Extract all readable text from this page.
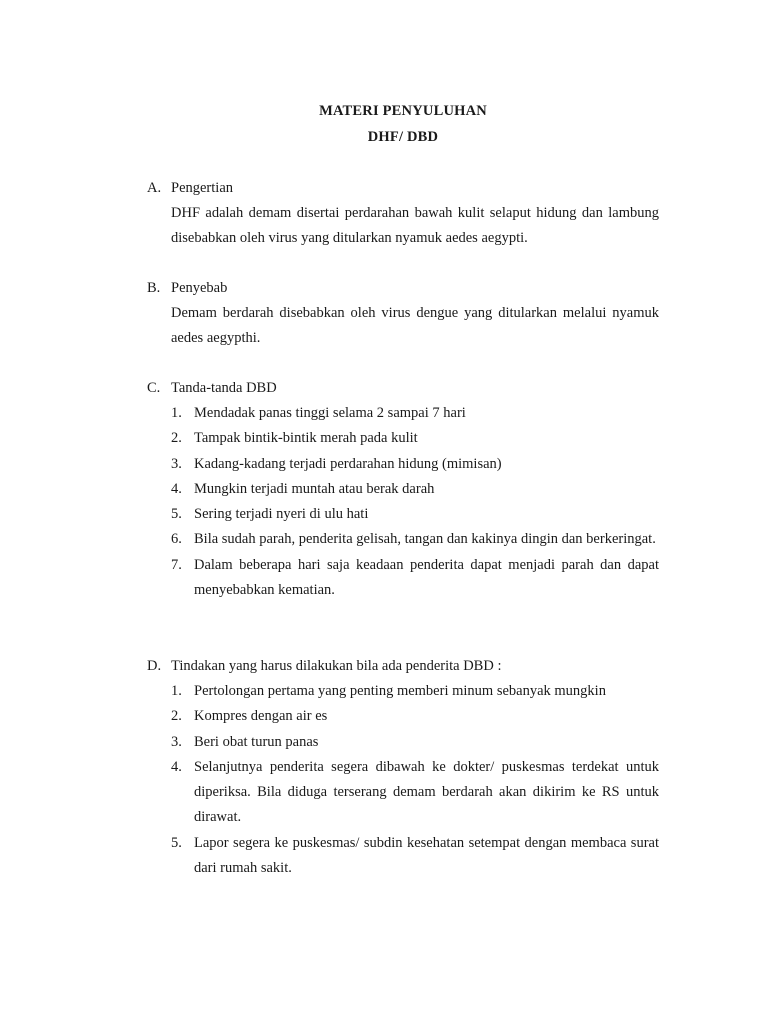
MATERI PENYULUHAN
DHF/ DBD
A. Pengertian
DHF adalah demam disertai perdarahan bawah kulit selaput hidung dan lambung disebabkan oleh virus yang ditularkan nyamuk aedes aegypti.
B. Penyebab
Demam berdarah disebabkan oleh virus dengue yang ditularkan melalui nyamuk aedes aegypthi.
C. Tanda-tanda DBD
1. Mendadak panas tinggi selama 2 sampai 7 hari
2. Tampak bintik-bintik merah pada kulit
3. Kadang-kadang terjadi perdarahan hidung (mimisan)
4. Mungkin terjadi muntah atau berak darah
5. Sering terjadi nyeri di ulu hati
6. Bila sudah parah, penderita gelisah, tangan dan kakinya dingin dan berkeringat.
7. Dalam beberapa hari saja keadaan penderita dapat menjadi parah dan dapat menyebabkan kematian.
D. Tindakan yang harus dilakukan bila ada penderita DBD :
1. Pertolongan pertama yang penting memberi minum sebanyak mungkin
2. Kompres dengan air es
3. Beri obat turun panas
4. Selanjutnya penderita segera dibawah ke dokter/ puskesmas terdekat untuk diperiksa. Bila diduga terserang demam berdarah akan dikirim ke RS untuk dirawat.
5. Lapor segera ke puskesmas/ subdin kesehatan setempat dengan membaca surat dari rumah sakit.
